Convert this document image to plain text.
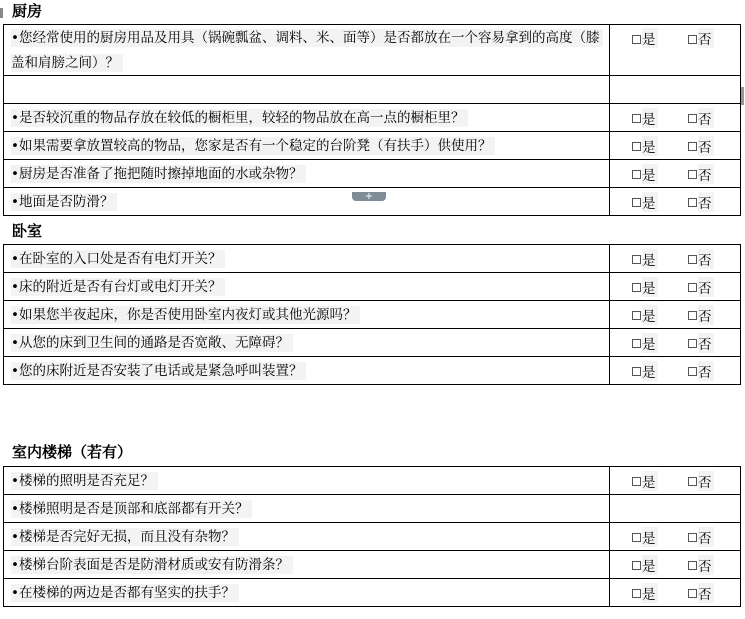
厨房
•您经常使用的厨房用品及用具（锅碗瓢盆、调料、米、面等）是否都放在一个容易拿到的高度（膝盖和肩膀之间）？	是 否

•是否较沉重的物品存放在较低的橱柜里，较轻的物品放在高一点的橱柜里？	是 否

•如果需要拿放置较高的物品，您家是否有一个稳定的台阶凳（有扶手）供使用？	是 否

•厨房是否准备了拖把随时擦掉地面的水或杂物？	是 否

•地面是否防滑？	是 否
+
卧室
•在卧室的入口处是否有电灯开关？	是 否

•床的附近是否有台灯或电灯开关？	是 否

•如果您半夜起床，你是否使用卧室内夜灯或其他光源吗？	是 否

•从您的床到卫生间的通路是否宽敞、无障碍？	是 否

•您的床附近是否安装了电话或是紧急呼叫装置？	是 否
室内楼梯（若有）
•楼梯的照明是否充足？	是 否

•楼梯照明是否是顶部和底部都有开关？	

•楼梯是否完好无损，而且没有杂物？	是 否

•楼梯台阶表面是否是防滑材质或安有防滑条？	是 否

•在楼梯的两边是否都有坚实的扶手？	是 否
